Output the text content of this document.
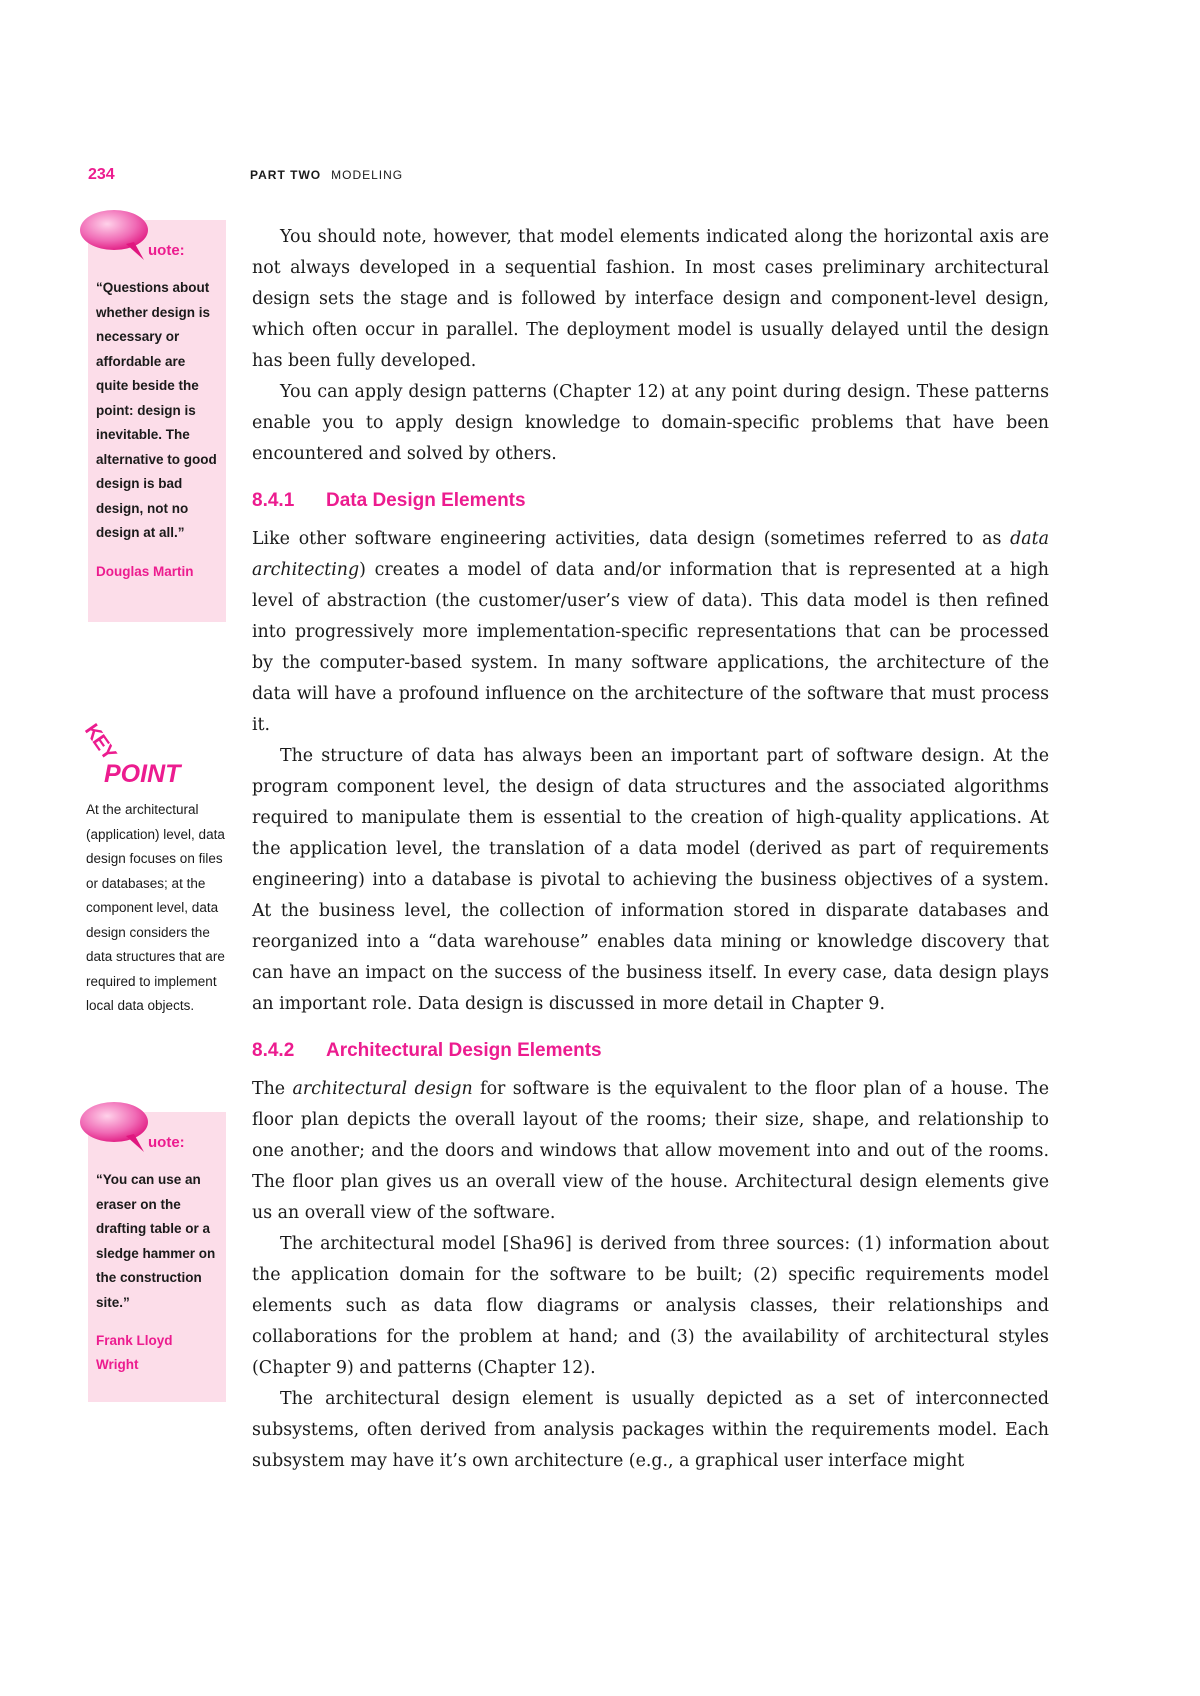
234	PART TWO MODELING
uote:

“Questions about whether design is necessary or affordable are quite beside the point: design is inevitable. The alternative to good design is bad design, not no design at all.”

Douglas Martin
KEY
POINT

At the architectural (application) level, data design focuses on files or databases; at the component level, data design considers the data structures that are required to implement local data objects.

uote:

“You can use an eraser on the drafting table or a sledge hammer on the construction site.”

Frank Lloyd Wright

You should note, however, that model elements indicated along the horizontal axis are not always developed in a sequential fashion. In most cases preliminary architectural design sets the stage and is followed by interface design and component-level design, which often occur in parallel. The deployment model is usually delayed until the design has been fully developed.

You can apply design patterns (Chapter 12) at any point during design. These patterns enable you to apply design knowledge to domain-specific problems that have been encountered and solved by others.

8.4.1 Data Design Elements

Like other software engineering activities, data design (sometimes referred to as data architecting) creates a model of data and/or information that is represented at a high level of abstraction (the customer/user’s view of data). This data model is then refined into progressively more implementation-specific representations that can be processed by the computer-based system. In many software applications, the architecture of the data will have a profound influence on the architecture of the software that must process it.

The structure of data has always been an important part of software design. At the program component level, the design of data structures and the associated algorithms required to manipulate them is essential to the creation of high-quality applications. At the application level, the translation of a data model (derived as part of requirements engineering) into a database is pivotal to achieving the business objectives of a system. At the business level, the collection of information stored in disparate databases and reorganized into a “data warehouse” enables data mining or knowledge discovery that can have an impact on the success of the business itself. In every case, data design plays an important role. Data design is discussed in more detail in Chapter 9.

8.4.2 Architectural Design Elements

The architectural design for software is the equivalent to the floor plan of a house. The floor plan depicts the overall layout of the rooms; their size, shape, and relationship to one another; and the doors and windows that allow movement into and out of the rooms. The floor plan gives us an overall view of the house. Architectural design elements give us an overall view of the software.

The architectural model [Sha96] is derived from three sources: (1) information about the application domain for the software to be built; (2) specific requirements model elements such as data flow diagrams or analysis classes, their relationships and collaborations for the problem at hand; and (3) the availability of architectural styles (Chapter 9) and patterns (Chapter 12).

The architectural design element is usually depicted as a set of interconnected subsystems, often derived from analysis packages within the requirements model. Each subsystem may have it’s own architecture (e.g., a graphical user interface might
